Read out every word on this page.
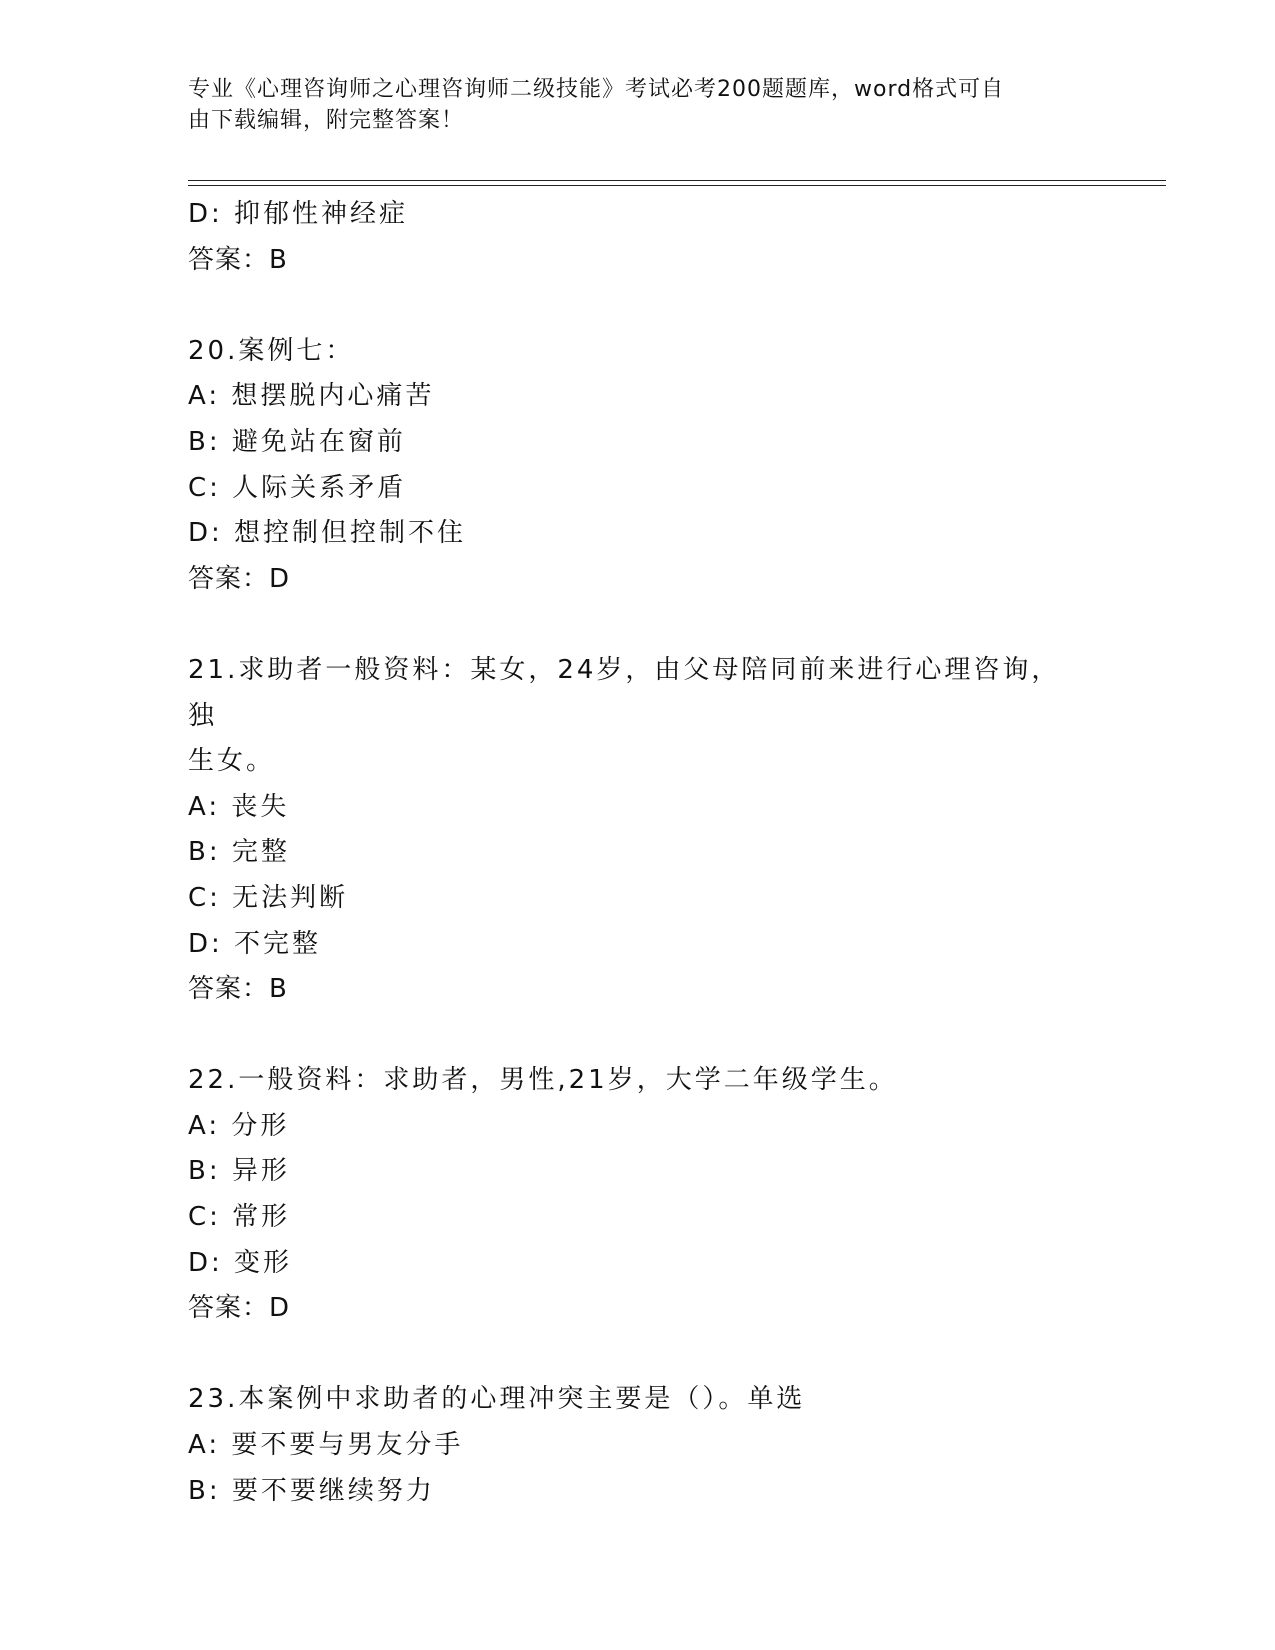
专业《心理咨询师之心理咨询师二级技能》考试必考200题题库，word格式可自
由下载编辑，附完整答案！
D: 抑郁性神经症
答案：B
20.案例七：
A: 想摆脱内心痛苦
B: 避免站在窗前
C: 人际关系矛盾
D: 想控制但控制不住
答案：D
21.求助者一般资料：某女，24岁，由父母陪同前来进行心理咨询，独
生女。
A: 丧失
B: 完整
C: 无法判断
D: 不完整
答案：B
22.一般资料：求助者，男性,21岁，大学二年级学生。
A: 分形
B: 异形
C: 常形
D: 变形
答案：D
23.本案例中求助者的心理冲突主要是（）。单选
A: 要不要与男友分手
B: 要不要继续努力
